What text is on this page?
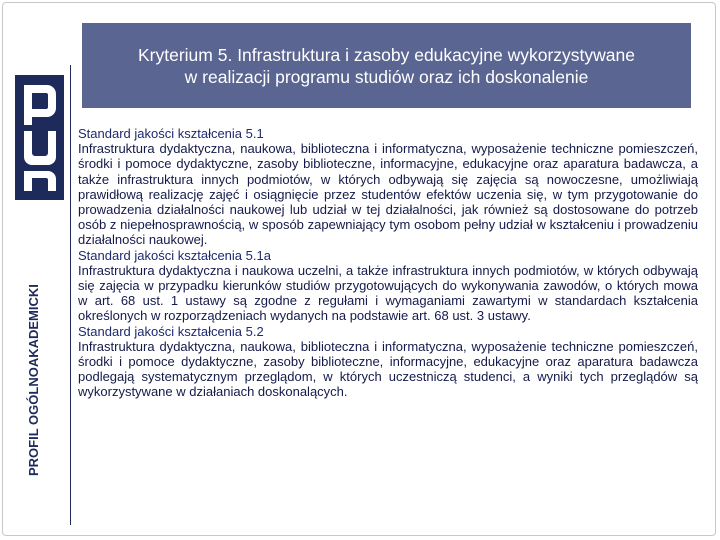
PROFIL OGÓLNOAKADEMICKI
Kryterium 5. Infrastruktura i zasoby edukacyjne wykorzystywane
w realizacji programu studiów oraz ich doskonalenie

Standard jakości kształcenia 5.1

Infrastruktura dydaktyczna, naukowa, biblioteczna i informatyczna, wyposażenie techniczne pomieszczeń, środki i pomoce dydaktyczne, zasoby biblioteczne, informacyjne, edukacyjne oraz aparatura badawcza, a także infrastruktura innych podmiotów, w których odbywają się zajęcia są nowoczesne, umożliwiają prawidłową realizację zajęć i osiągnięcie przez studentów efektów uczenia się, w tym przygotowanie do prowadzenia działalności naukowej lub udział w tej działalności, jak również są dostosowane do potrzeb osób z niepełnosprawnością, w sposób zapewniający tym osobom pełny udział w kształceniu i prowadzeniu działalności naukowej.

Standard jakości kształcenia 5.1a

Infrastruktura dydaktyczna i naukowa uczelni, a także infrastruktura innych podmiotów, w których odbywają się zajęcia w przypadku kierunków studiów przygotowujących do wykonywania zawodów, o których mowa w art. 68 ust. 1 ustawy są zgodne z regułami i wymaganiami zawartymi w standardach kształcenia określonych w rozporządzeniach wydanych na podstawie art. 68 ust. 3 ustawy.

Standard jakości kształcenia 5.2

Infrastruktura dydaktyczna, naukowa, biblioteczna i informatyczna, wyposażenie techniczne pomieszczeń, środki i pomoce dydaktyczne, zasoby biblioteczne, informacyjne, edukacyjne oraz aparatura badawcza podlegają systematycznym przeglądom, w których uczestniczą studenci, a wyniki tych przeglądów są wykorzystywane w działaniach doskonalących.
